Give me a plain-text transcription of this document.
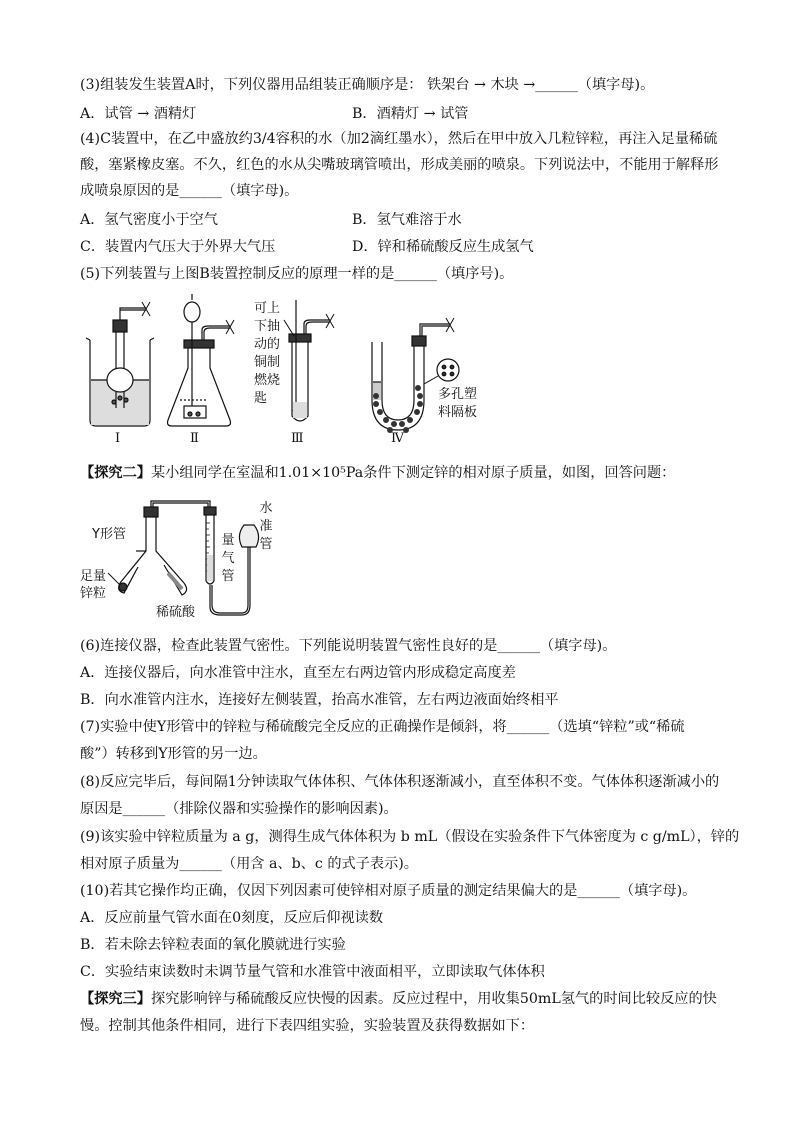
(3)组装发生装置A时，下列仪器用品组装正确顺序是： 铁架台 → 木块 →______（填字母)。
A．试管 → 酒精灯	B．酒精灯 → 试管
(4)C装置中，在乙中盛放约3/4容积的水（加2滴红墨水），然后在甲中放入几粒锌粒，再注入足量稀硫
酸，塞紧橡皮塞。不久，红色的水从尖嘴玻璃管喷出，形成美丽的喷泉。下列说法中，不能用于解释形
成喷泉原因的是______（填字母)。
A．氢气密度小于空气	B．氢气难溶于水
C．装置内气压大于外界大气压	D．锌和稀硫酸反应生成氢气
(5)下列装置与上图B装置控制反应的原理一样的是______（填序号)。
可上
下抽
动的
铜制
燃烧
匙	多孔塑
料隔板
Ⅰ	Ⅱ	Ⅲ	Ⅳ
【探究二】某小组同学在室温和1.01×10⁵Pa条件下测定锌的相对原子质量，如图，回答问题：
Y形管
足量
锌粒
稀硫酸
量气管
水准管
(6)连接仪器，检查此装置气密性。下列能说明装置气密性良好的是______（填字母)。
A．连接仪器后，向水准管中注水，直至左右两边管内形成稳定高度差
B．向水准管内注水，连接好左侧装置，抬高水准管，左右两边液面始终相平
(7)实验中使Y形管中的锌粒与稀硫酸完全反应的正确操作是倾斜，将______（选填“锌粒”或“稀硫
酸”）转移到Y形管的另一边。
(8)反应完毕后，每间隔1分钟读取气体体积、气体体积逐渐减小，直至体积不变。气体体积逐渐减小的
原因是______（排除仪器和实验操作的影响因素)。
(9)该实验中锌粒质量为 a g，测得生成气体体积为 b mL（假设在实验条件下气体密度为 c g/mL），锌的
相对原子质量为______（用含 a、b、c 的式子表示)。
(10)若其它操作均正确，仅因下列因素可使锌相对原子质量的测定结果偏大的是______（填字母)。
A．反应前量气管水面在0刻度，反应后仰视读数
B．若未除去锌粒表面的氧化膜就进行实验
C．实验结束读数时未调节量气管和水准管中液面相平，立即读取气体体积
【探究三】探究影响锌与稀硫酸反应快慢的因素。反应过程中，用收集50mL氢气的时间比较反应的快
慢。控制其他条件相同，进行下表四组实验，实验装置及获得数据如下：
